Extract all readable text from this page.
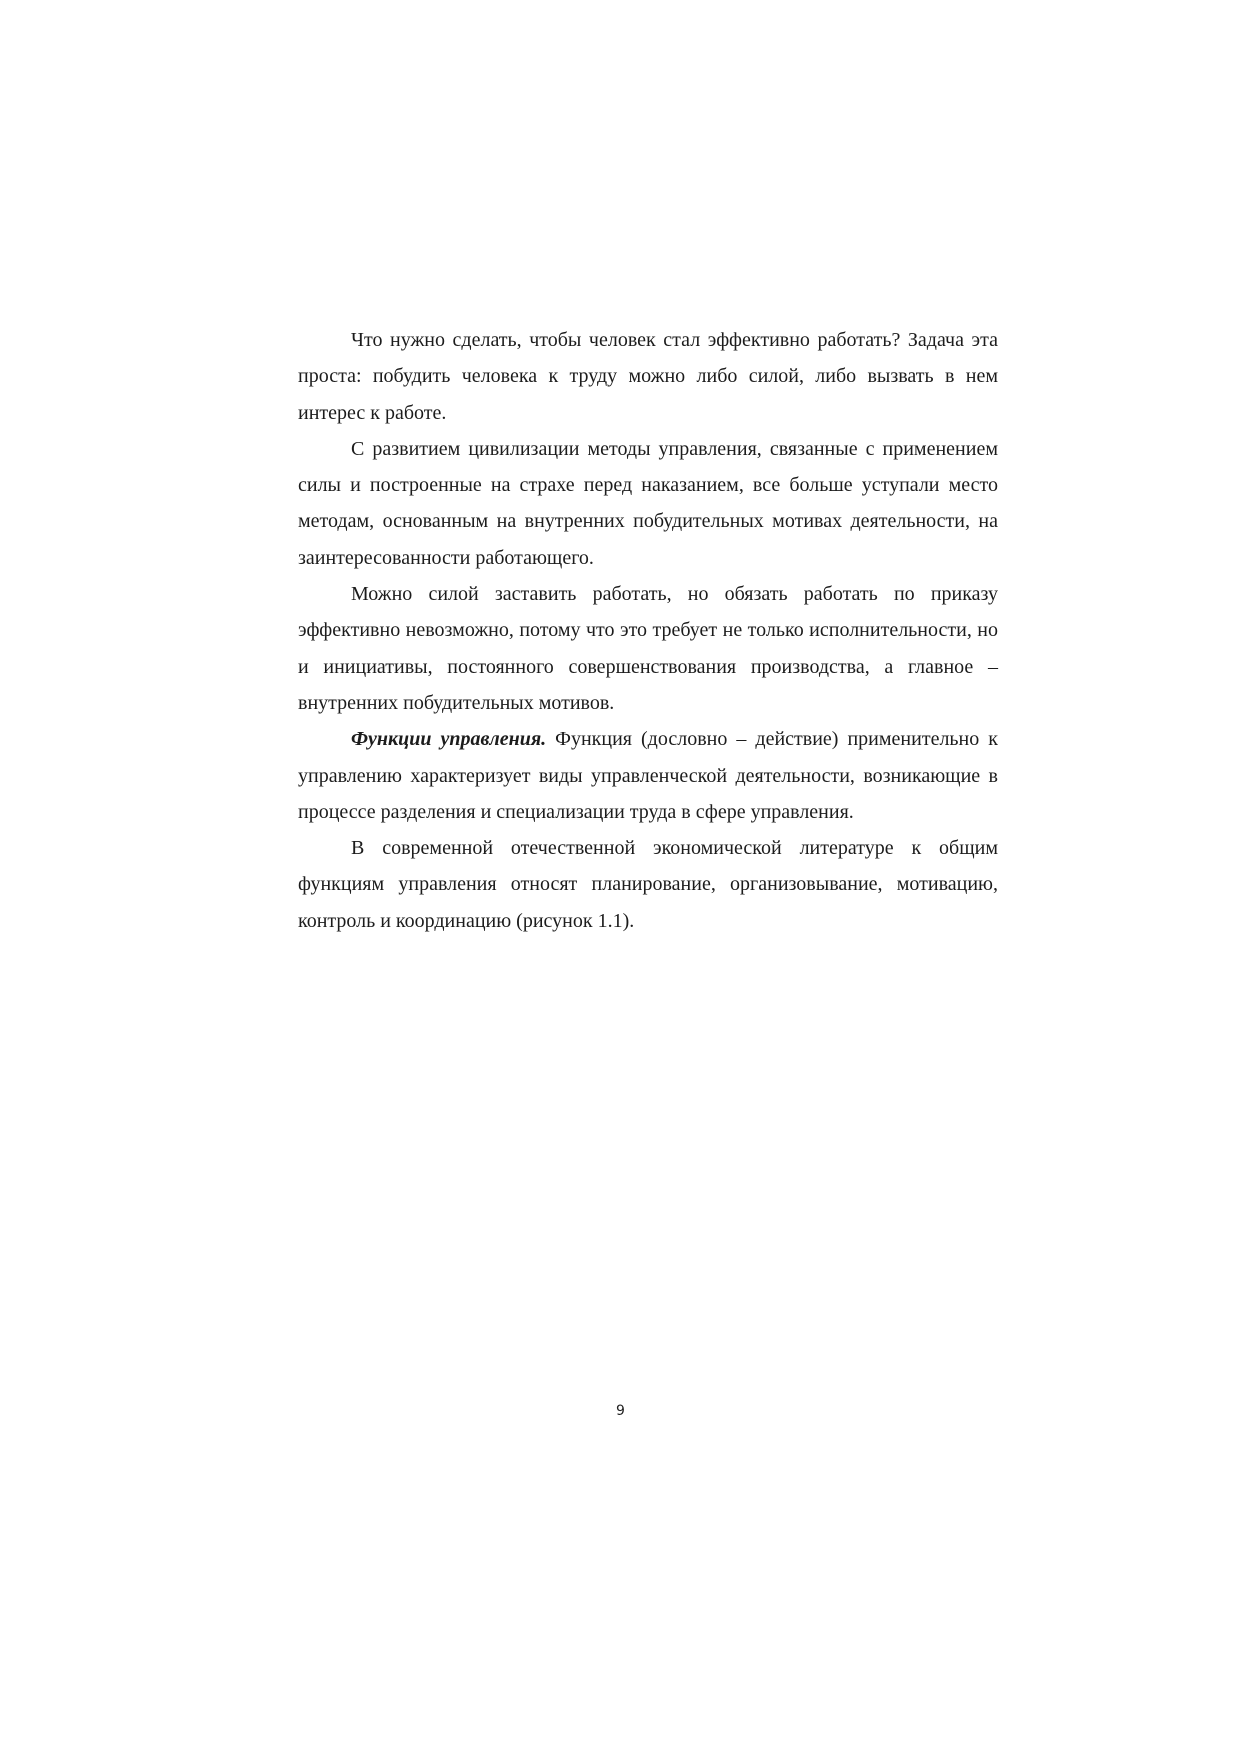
Что нужно сделать, чтобы человек стал эффективно работать? Задача эта проста: побудить человека к труду можно либо силой, либо вызвать в нем интерес к работе.

С развитием цивилизации методы управления, связанные с применением силы и построенные на страхе перед наказанием, все больше уступали место методам, основанным на внутренних побудительных мотивах деятельности, на заинтересованности работающего.

Можно силой заставить работать, но обязать работать по приказу эффективно невозможно, потому что это требует не только исполнительности, но и инициативы, постоянного совершенствования производства, а главное – внутренних побудительных мотивов.

Функции управления. Функция (дословно – действие) применительно к управлению характеризует виды управленческой деятельности, возникающие в процессе разделения и специализации труда в сфере управления.

В современной отечественной экономической литературе к общим функциям управления относят планирование, организовывание, мотивацию, контроль и координацию (рисунок 1.1).

9
